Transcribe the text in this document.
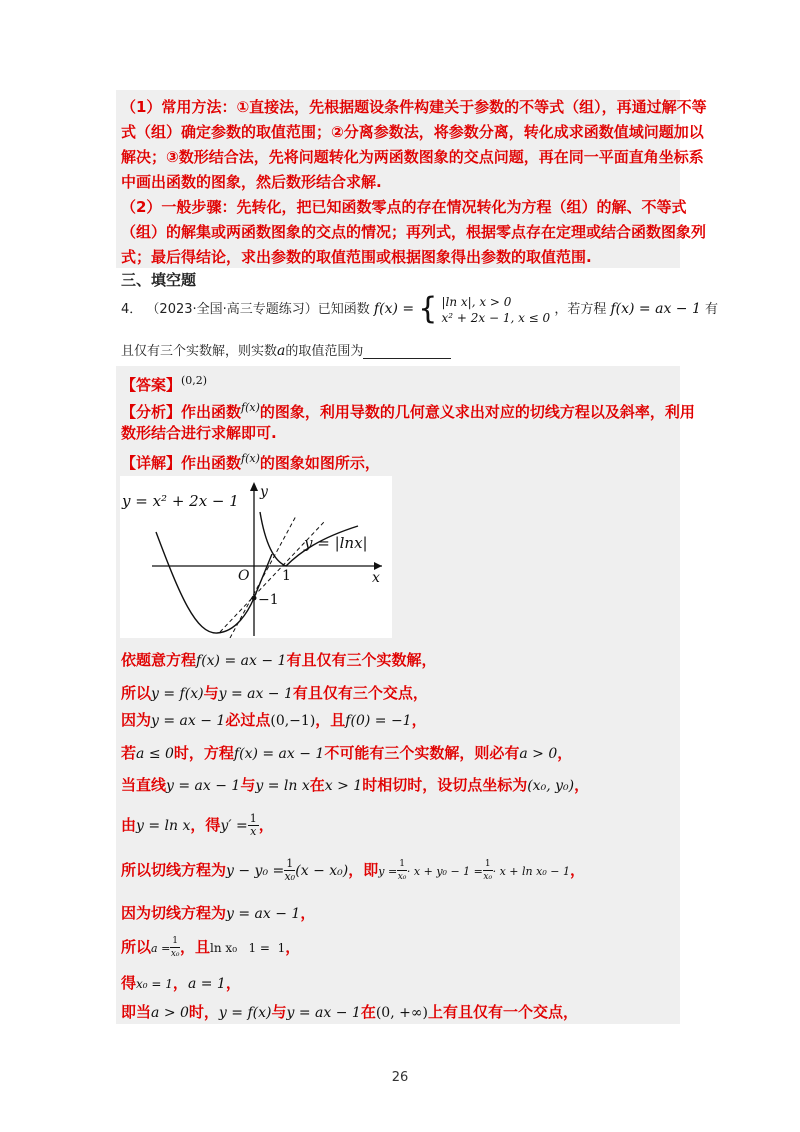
（1）常用方法：①直接法，先根据题设条件构建关于参数的不等式（组），再通过解不等
式（组）确定参数的取值范围；②分离参数法，将参数分离，转化成求函数值域问题加以
解决；③数形结合法，先将问题转化为两函数图象的交点问题，再在同一平面直角坐标系
中画出函数的图象，然后数形结合求解.
（2）一般步骤：先转化，把已知函数零点的存在情况转化为方程（组）的解、不等式
（组）的解集或两函数图象的交点的情况；再列式，根据零点存在定理或结合函数图象列
式；最后得结论，求出参数的取值范围或根据图象得出参数的取值范围.
三、填空题
4． （2023·全国·高三专题练习）已知函数 f(x) = { |ln x|, x > 0
x² + 2x − 1, x ≤ 0
，若方程 f(x) = ax − 1 有
且仅有三个实数解，则实数a的取值范围为
【答案】$^{(0,2)}$
【分析】作出函数$^{f(x)}$的图象，利用导数的几何意义求出对应的切线方程以及斜率，利用
数形结合进行求解即可.
【详解】作出函数$^{f(x)}$的图象如图所示，
y = x² + 2x − 1
y = |lnx|
y
x
O 1
−1
依题意方程f(x) = ax − 1有且仅有三个实数解，
所以y = f(x)与y = ax − 1有且仅有三个交点，
因为y = ax − 1必过点(0,−1)，且f(0) = −1，
若a ≤ 0时，方程f(x) = ax − 1不可能有三个实数解，则必有a > 0，
当直线y = ax − 1与y = ln x在x > 1时相切时，设切点坐标为(x₀, y₀)，
由y = ln x，得$y' = \frac{1}{x}$ ，
所以切线方程为$y - y_0 = \frac{1}{\text{x₀}} (x - x_0)$，即$y = \frac{1}{\text{x₀}} \cdot x + y_0 - 1 = \frac{1}{\text{x₀}} \cdot x + \ln x_0 - 1$，
因为切线方程为y = ax − 1，
所以$a = \frac{1}{\text{x₀}}$ ，且ln x₀   1 =  1，
得x₀ = 1，a = 1，
即当a > 0时，y = f(x)与y = ax − 1在(0, +∞)上有且仅有一个交点，
26
